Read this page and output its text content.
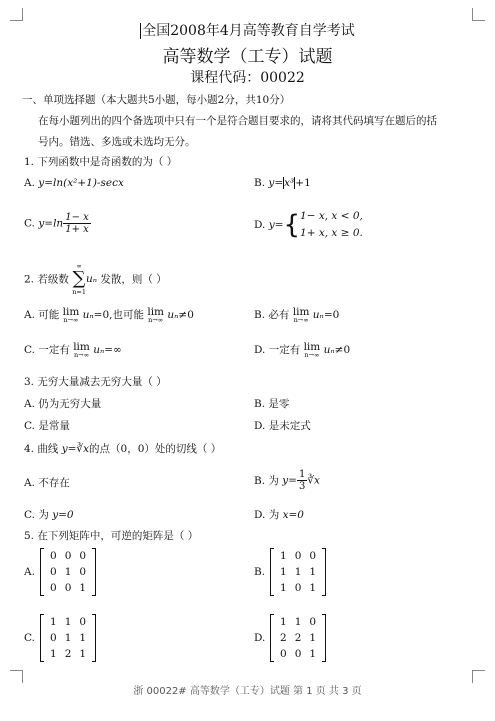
全国2008年4月高等教育自学考试
高等数学（工专）试题
课程代码：00022
一、单项选择题（本大题共5小题，每小题2分，共10分）
在每小题列出的四个备选项中只有一个是符合题目要求的，请将其代码填写在题后的括
号内。错选、多选或未选均无分。
1. 下列函数中是奇函数的为（ ）
A. y=ln(x²+1)-secx	B. y=x³+1
C. $y=\ln \frac{1- x}{1+ x}$	D. y={ 1− x, x < 0,
1+ x, x ≥ 0.
2. 若级数
∞
∑
n=1
uₙ 发散，则（ ）
A. 可能 lim
n→∞ uₙ=0,也可能 lim
n→∞ uₙ≠0	B. 必有 lim
n→∞ uₙ=0
C. 一定有 lim
n→∞ uₙ=∞	D. 一定有 lim
n→∞ uₙ≠0
3. 无穷大量减去无穷大量（ ）
A. 仍为无穷大量	B. 是零
C. 是常量	D. 是未定式
4. 曲线 y=∛x的点（0，0）处的切线（ ）
A. 不存在	B. 为 $y= \frac{1}{3}$ ∛x
C. 为 y=0	D. 为 x=0
5. 在下列矩阵中，可逆的矩阵是（ ）
A.
0	0	0
0	1	0
0	0	1
B.
1	0	0
1	1	1
1	0	1
C.
1	1	0
0	1	1
1	2	1
D.
1	1	0
2	2	1
0	0	1
浙 00022# 高等数学（工专）试题 第 1 页 共 3 页
